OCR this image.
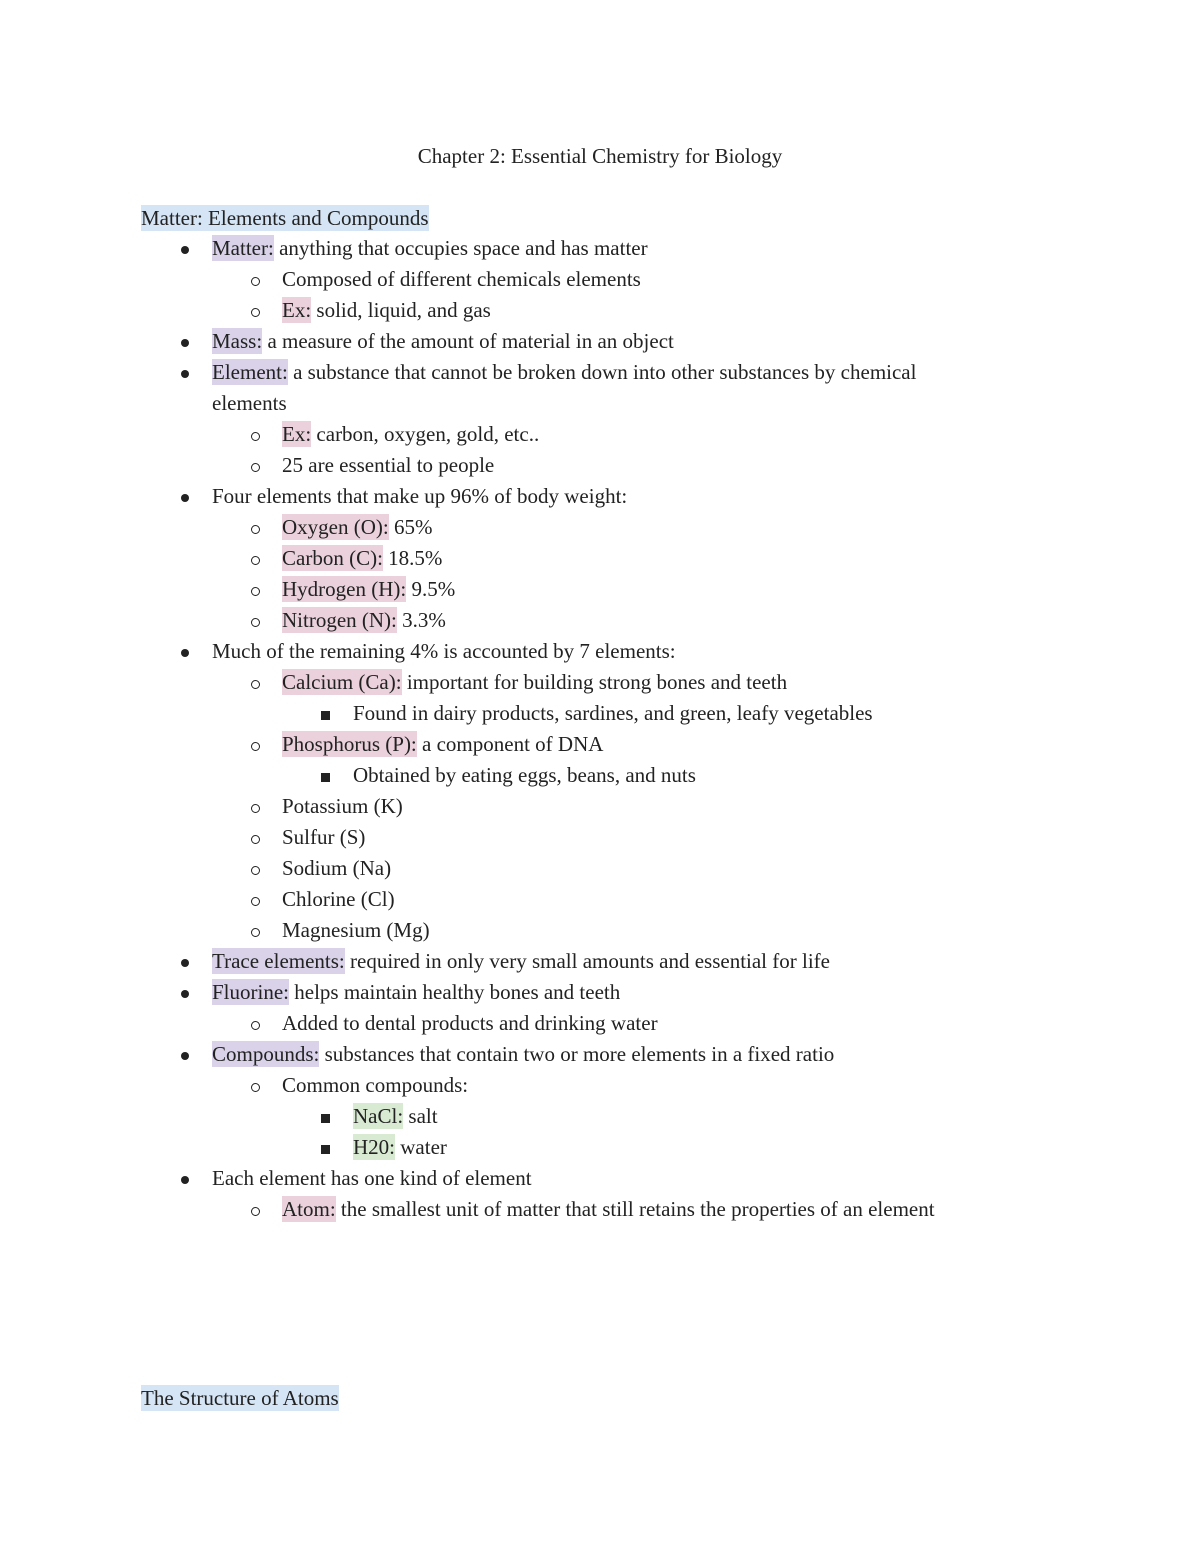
Chapter 2: Essential Chemistry for Biology
Matter: Elements and Compounds
Matter: anything that occupies space and has matter
Composed of different chemicals elements
Ex: solid, liquid, and gas
Mass: a measure of the amount of material in an object
Element: a substance that cannot be broken down into other substances by chemical
elements
Ex: carbon, oxygen, gold, etc..
25 are essential to people
Four elements that make up 96% of body weight:
Oxygen (O): 65%
Carbon (C): 18.5%
Hydrogen (H): 9.5%
Nitrogen (N): 3.3%
Much of the remaining 4% is accounted by 7 elements:
Calcium (Ca): important for building strong bones and teeth
Found in dairy products, sardines, and green, leafy vegetables
Phosphorus (P): a component of DNA
Obtained by eating eggs, beans, and nuts
Potassium (K)
Sulfur (S)
Sodium (Na)
Chlorine (Cl)
Magnesium (Mg)
Trace elements: required in only very small amounts and essential for life
Fluorine: helps maintain healthy bones and teeth
Added to dental products and drinking water
Compounds: substances that contain two or more elements in a fixed ratio
Common compounds:
NaCl: salt
H20: water
Each element has one kind of element
Atom: the smallest unit of matter that still retains the properties of an element
The Structure of Atoms
